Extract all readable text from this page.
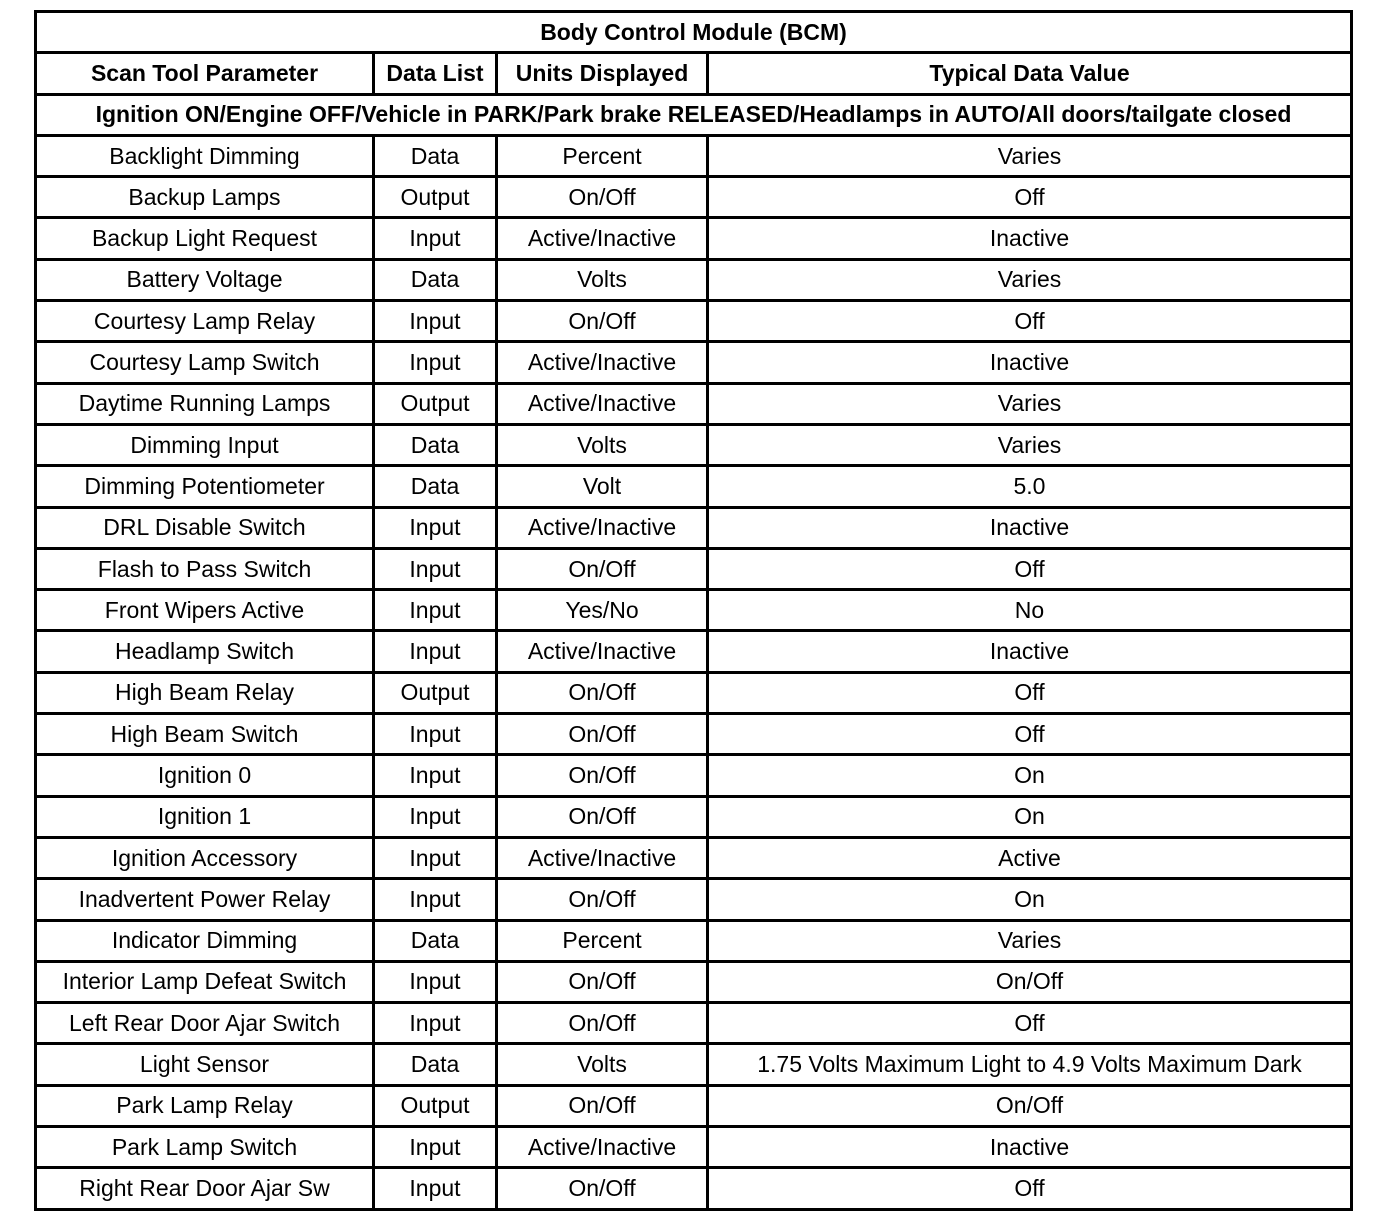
Body Control Module (BCM)			
Scan Tool Parameter	Data List	Units Displayed	Typical Data Value
Ignition ON/Engine OFF/Vehicle in PARK/Park brake RELEASED/Headlamps in AUTO/All doors/tailgate closed			
Backlight Dimming	Data	Percent	Varies
Backup Lamps	Output	On/Off	Off
Backup Light Request	Input	Active/Inactive	Inactive
Battery Voltage	Data	Volts	Varies
Courtesy Lamp Relay	Input	On/Off	Off
Courtesy Lamp Switch	Input	Active/Inactive	Inactive
Daytime Running Lamps	Output	Active/Inactive	Varies
Dimming Input	Data	Volts	Varies
Dimming Potentiometer	Data	Volt	5.0
DRL Disable Switch	Input	Active/Inactive	Inactive
Flash to Pass Switch	Input	On/Off	Off
Front Wipers Active	Input	Yes/No	No
Headlamp Switch	Input	Active/Inactive	Inactive
High Beam Relay	Output	On/Off	Off
High Beam Switch	Input	On/Off	Off
Ignition 0	Input	On/Off	On
Ignition 1	Input	On/Off	On
Ignition Accessory	Input	Active/Inactive	Active
Inadvertent Power Relay	Input	On/Off	On
Indicator Dimming	Data	Percent	Varies
Interior Lamp Defeat Switch	Input	On/Off	On/Off
Left Rear Door Ajar Switch	Input	On/Off	Off
Light Sensor	Data	Volts	1.75 Volts Maximum Light to 4.9 Volts Maximum Dark
Park Lamp Relay	Output	On/Off	On/Off
Park Lamp Switch	Input	Active/Inactive	Inactive
Right Rear Door Ajar Sw	Input	On/Off	Off
